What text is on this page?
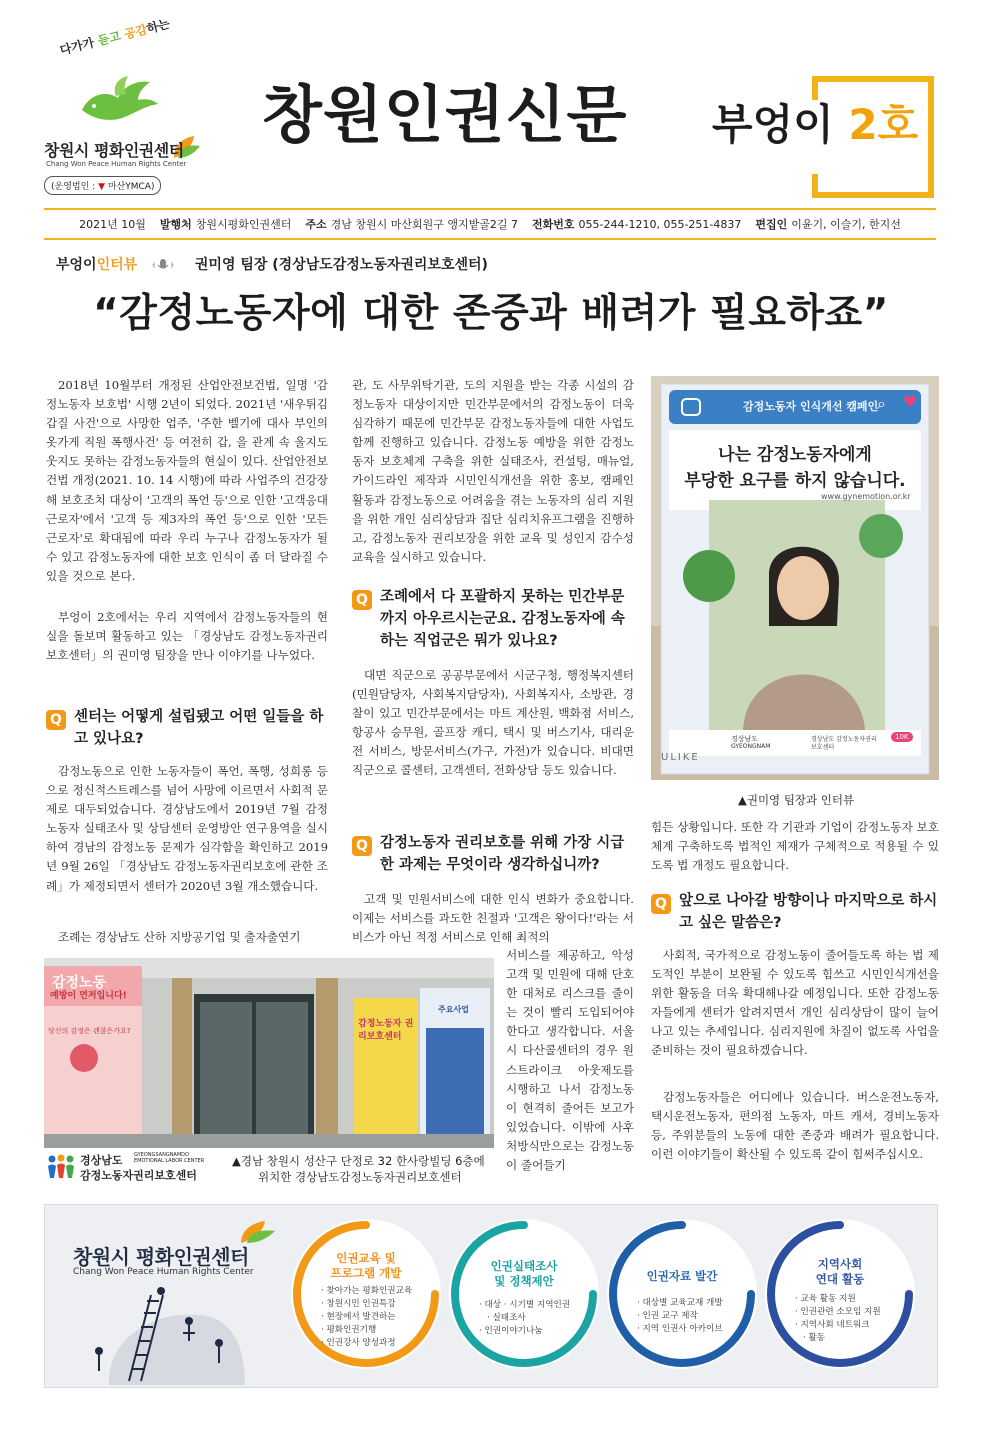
다가가 듣고 공감하는
창원시 평화인권센터
Chang Won Peace Human Rights Center
(운영법인 : ▼ 마산YMCA)
창원인권신문 부엉이 2호
2021년 10월 발행처 창원시평화인권센터 주소 경남 창원시 마산회원구 앵지밭골2길 7 전화번호 055-244-1210, 055-251-4837 편집인 이윤기, 이슬기, 한지선
부엉이인터뷰	권미영 팀장 (경상남도감정노동자권리보호센터)
“감정노동자에 대한 존중과 배려가 필요하죠”
2018년 10월부터 개정된 산업안전보건법, 일명 '감정노동자 보호법' 시행 2년이 되었다. 2021년 '새우튀김 갑질 사건'으로 사망한 업주, '주한 벨기에 대사 부인의 옷가게 직원 폭행사건' 등 여전히 갑, 을 관계 속 울지도 웃지도 못하는 감정노동자들의 현실이 있다. 산업안전보건법 개정(2021. 10. 14 시행)에 따라 사업주의 건강장해 보호조치 대상이 '고객의 폭언 등'으로 인한 '고객응대근로자'에서 '고객 등 제3자의 폭언 등'으로 인한 '모든 근로자'로 확대됨에 따라 우리 누구나 감정노동자가 될 수 있고 감정노동자에 대한 보호 인식이 좀 더 달라질 수 있을 것으로 본다.
부엉이 2호에서는 우리 지역에서 감정노동자들의 현실을 돌보며 활동하고 있는 「경상남도 감정노동자권리보호센터」의 권미영 팀장을 만나 이야기를 나누었다.
Q 센터는 어떻게 설립됐고 어떤 일들을 하고 있나요?
감정노동으로 인한 노동자들이 폭언, 폭행, 성희롱 등으로 정신적스트레스를 넘어 사망에 이르면서 사회적 문제로 대두되었습니다. 경상남도에서 2019년 7월 감정노동자 실태조사 및 상담센터 운영방안 연구용역을 실시하여 경남의 감정노동 문제가 심각함을 확인하고 2019년 9월 26일 「경상남도 감정노동자권리보호에 관한 조례」가 제정되면서 센터가 2020년 3월 개소했습니다.
조례는 경상남도 산하 지방공기업 및 출자출연기
관, 도 사무위탁기관, 도의 지원을 받는 각종 시설의 감정노동자 대상이지만 민간부문에서의 감정노동이 더욱 심각하기 때문에 민간부문 감정노동자들에 대한 사업도 함께 진행하고 있습니다. 감정노동 예방을 위한 감정노동자 보호체계 구축을 위한 실태조사, 컨설팅, 매뉴얼, 가이드라인 제작과 시민인식개선을 위한 홍보, 캠페인 활동과 감정노동으로 어려움을 겪는 노동자의 심리 지원을 위한 개인 심리상담과 집단 심리치유프그램을 진행하고, 감정노동자 권리보장을 위한 교육 및 성인지 감수성 교육을 실시하고 있습니다.
Q 조례에서 다 포괄하지 못하는 민간부문까지 아우르시는군요. 감정노동자에 속하는 직업군은 뭐가 있나요?
대면 직군으로 공공부문에서 시군구청, 행정복지센터(민원담당자, 사회복지담당자), 사회복지사, 소방관, 경찰이 있고 민간부문에서는 마트 계산원, 백화점 서비스, 항공사 승무원, 골프장 캐디, 택시 및 버스기사, 대리운전 서비스, 방문서비스(가구, 가전)가 있습니다. 비대면 직군으로 콜센터, 고객센터, 전화상담 등도 있습니다.
Q 감정노동자 권리보호를 위해 가장 시급한 과제는 무엇이라 생각하십니까?
고객 및 민원서비스에 대한 인식 변화가 중요합니다. 이제는 서비스를 과도한 친절과 '고객은 왕이다!'라는 서비스가 아닌 적정 서비스로 인해 최적의
서비스를 제공하고, 악성고객 및 민원에 대해 단호한 대처로 리스크를 줄이는 것이 빨리 도입되어야 한다고 생각합니다. 서울시 다산콜센터의 경우 원스트라이크 아웃제도를 시행하고 나서 감정노동이 현격히 줄어든 보고가 있었습니다. 이밖에 사후처방식만으로는 감정노동이 줄어들기
감정노동자 인식개선 캠페인
⌕ ♥
나는 감정노동자에게
부당한 요구를 하지 않습니다.
www.gynemotion.or.kr
경상남도
GYEONGNAM
경상남도 감정노동자권리보호센터
10K
ULIKE
▲권미영 팀장과 인터뷰
힘든 상황입니다. 또한 각 기관과 기업이 감정노동자 보호체계 구축하도록 법적인 제재가 구체적으로 적용될 수 있도록 법 개정도 필요합니다.
Q 앞으로 나아갈 방향이나 마지막으로 하시고 싶은 말씀은?
사회적, 국가적으로 감정노동이 줄어들도록 하는 법 제도적인 부분이 보완될 수 있도록 힘쓰고 시민인식개선을 위한 활동을 더욱 확대해나갈 예정입니다. 또한 감정노동자들에게 센터가 알려지면서 개인 심리상담이 많이 늘어나고 있는 추세입니다. 심리지원에 차질이 없도록 사업을 준비하는 것이 필요하겠습니다.
감정노동자들은 어디에나 있습니다. 버스운전노동자, 택시운전노동자, 편의점 노동자, 마트 캐셔, 경비노동자 등, 주위분들의 노동에 대한 존중과 배려가 필요합니다. 이런 이야기들이 확산될 수 있도록 같이 힘써주십시오.
감정노동
예방이 먼저입니다!
당신의 감정은 괜찮은가요?
감정노동자 권리보호센터
주요사업
경상남도 GYEONGSANGNAMDO
EMOTIONAL LABOR CENTER
감정노동자권리보호센터
▲경남 창원시 성산구 단정로 32 한사랑빌딩 6층에
위치한 경상남도감정노동자권리보호센터
창원시 평화인권센터
Chang Won Peace Human Rights Center
인권교육 및
프로그램 개발
· 찾아가는 평화인권교육
· 창원시민 인권특강
· 현장에서 발견하는
· 평화인권기행
· 인권강사 양성과정
인권실태조사
및 정책제안
· 대상 · 시기별 지역인권
· 실태조사
· 인권이야기나눔
인권자료 발간
· 대상별 교육교재 개발
· 인권 교구 제작
· 지역 인권사 아카이브
지역사회
연대 활동
· 교육 활동 지원
· 인권관련 소모임 지원
· 지역사회 네트워크
· 활동
